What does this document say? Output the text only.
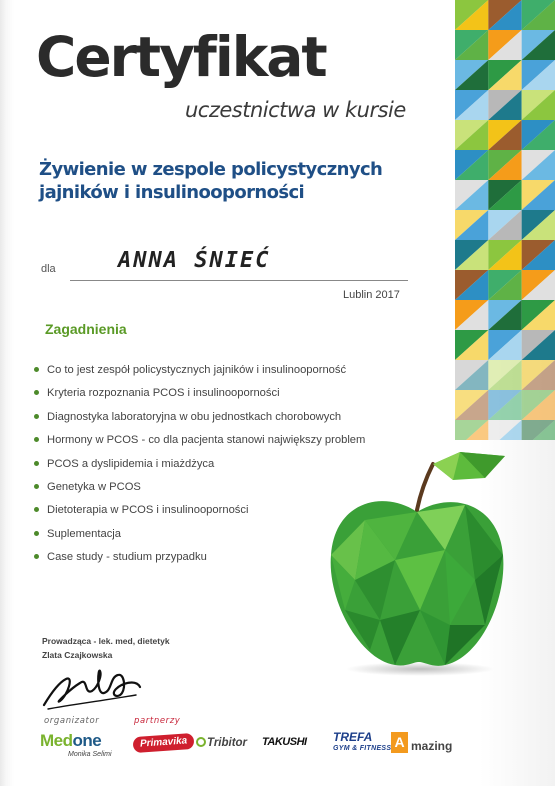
Certyfikat
uczestnictwa w kursie
Żywienie w zespole policystycznych
jajników i insulinooporności
dla	ANNA ŚNIEĆ
Lublin 2017
Zagadnienia
Co to jest zespół policystycznych jajników i insulinooporność
Kryteria rozpoznania PCOS i insulinooporności
Diagnostyka laboratoryjna w obu jednostkach chorobowych
Hormony w PCOS - co dla pacjenta stanowi największy problem
PCOS a dyslipidemia i miażdżyca
Genetyka w PCOS
Dietoterapia w PCOS i insulinooporności
Suplementacja
Case study - studium przypadku
Prowadząca - lek. med, dietetyk
Zlata Czajkowska
organizator	partnerzy
Medone
Monika Selimi
Primavika	Tribitor TAKUSHI TREFA
GYM & FITNESS A mazing
